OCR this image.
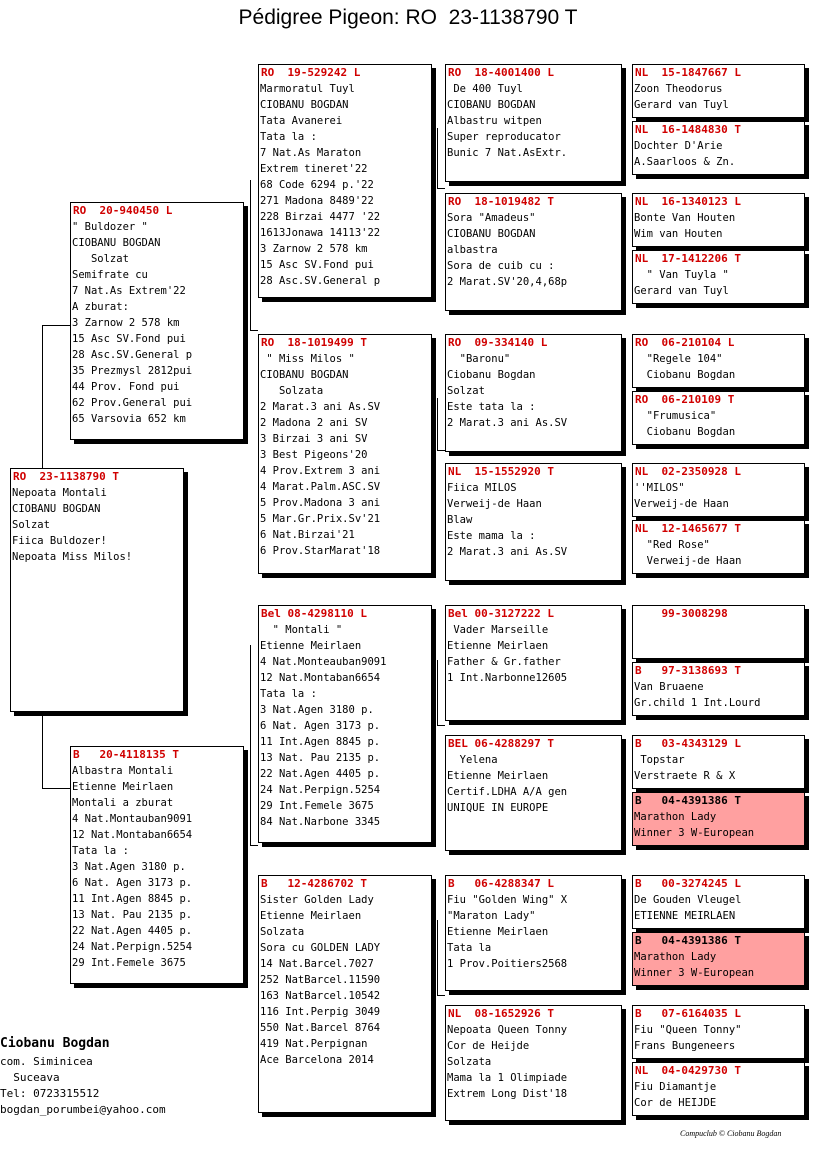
Pédigree Pigeon: RO  23-1138790 T
RO  23-1138790 T
Nepoata Montali
CIOBANU BOGDAN
Solzat
Fiica Buldozer!
Nepoata Miss Milos!
RO  20-940450 L
" Buldozer "
CIOBANU BOGDAN
Solzat
Semifrate cu
7 Nat.As Extrem'22
A zburat:
3 Zarnow 2 578 km
15 Asc SV.Fond pui
28 Asc.SV.General p
35 Prezmysl 2812pui
44 Prov. Fond pui
62 Prov.General pui
65 Varsovia 652 km
B   20-4118135 T
Albastra Montali
Etienne Meirlaen
Montali a zburat
4 Nat.Montauban9091
12 Nat.Montaban6654
Tata la :
3 Nat.Agen 3180 p.
6 Nat. Agen 3173 p.
11 Int.Agen 8845 p.
13 Nat. Pau 2135 p.
22 Nat.Agen 4405 p.
24 Nat.Perpign.5254
29 Int.Femele 3675
RO  19-529242 L
Marmoratul Tuyl
CIOBANU BOGDAN
Tata Avanerei
Tata la :
7 Nat.As Maraton
Extrem tineret'22
68 Code 6294 p.'22
271 Madona 8489'22
228 Birzai 4477 '22
1613Jonawa 14113'22
3 Zarnow 2 578 km
15 Asc SV.Fond pui
28 Asc.SV.General p
RO  18-1019499 T
" Miss Milos "
CIOBANU BOGDAN
Solzata
2 Marat.3 ani As.SV
2 Madona 2 ani SV
3 Birzai 3 ani SV
3 Best Pigeons'20
4 Prov.Extrem 3 ani
4 Marat.Palm.ASC.SV
5 Prov.Madona 3 ani
5 Mar.Gr.Prix.Sv'21
6 Nat.Birzai'21
6 Prov.StarMarat'18
Bel 08-4298110 L
" Montali "
Etienne Meirlaen
4 Nat.Monteauban9091
12 Nat.Montaban6654
Tata la :
3 Nat.Agen 3180 p.
6 Nat. Agen 3173 p.
11 Int.Agen 8845 p.
13 Nat. Pau 2135 p.
22 Nat.Agen 4405 p.
24 Nat.Perpign.5254
29 Int.Femele 3675
84 Nat.Narbone 3345
B   12-4286702 T
Sister Golden Lady
Etienne Meirlaen
Solzata
Sora cu GOLDEN LADY
14 Nat.Barcel.7027
252 NatBarcel.11590
163 NatBarcel.10542
116 Int.Perpig 3049
550 Nat.Barcel 8764
419 Nat.Perpignan
Ace Barcelona 2014
RO  18-4001400 L
De 400 Tuyl
CIOBANU BOGDAN
Albastru witpen
Super reproducator
Bunic 7 Nat.AsExtr.
RO  18-1019482 T
Sora "Amadeus"
CIOBANU BOGDAN
albastra
Sora de cuib cu :
2 Marat.SV'20,4,68p
RO  09-334140 L
"Baronu"
Ciobanu Bogdan
Solzat
Este tata la :
2 Marat.3 ani As.SV
NL  15-1552920 T
Fiica MILOS
Verweij-de Haan
Blaw
Este mama la :
2 Marat.3 ani As.SV
Bel 00-3127222 L
Vader Marseille
Etienne Meirlaen
Father & Gr.father
1 Int.Narbonne12605
BEL 06-4288297 T
Yelena
Etienne Meirlaen
Certif.LDHA A/A gen
UNIQUE IN EUROPE
B   06-4288347 L
Fiu "Golden Wing" X
"Maraton Lady"
Etienne Meirlaen
Tata la
1 Prov.Poitiers2568
NL  08-1652926 T
Nepoata Queen Tonny
Cor de Heijde
Solzata
Mama la 1 Olimpiade
Extrem Long Dist'18
NL  15-1847667 L
Zoon Theodorus
Gerard van Tuyl
NL  16-1484830 T
Dochter D'Arie
A.Saarloos & Zn.
NL  16-1340123 L
Bonte Van Houten
Wim van Houten
NL  17-1412206 T
" Van Tuyla "
Gerard van Tuyl
RO  06-210104 L
"Regele 104"
Ciobanu Bogdan
RO  06-210109 T
"Frumusica"
Ciobanu Bogdan
NL  02-2350928 L
''MILOS"
Verweij-de Haan
NL  12-1465677 T
"Red Rose"
Verweij-de Haan
99-3008298
B   97-3138693 T
Van Bruaene
Gr.child 1 Int.Lourd
B   03-4343129 L
Topstar
Verstraete R & X
B   04-4391386 T
Marathon Lady
Winner 3 W-European
B   00-3274245 L
De Gouden Vleugel
ETIENNE MEIRLAEN
B   04-4391386 T
Marathon Lady
Winner 3 W-European
B   07-6164035 L
Fiu "Queen Tonny"
Frans Bungeneers
NL  04-0429730 T
Fiu Diamantje
Cor de HEIJDE
Ciobanu Bogdan
com. Siminicea
Suceava
Tel: 0723315512
bogdan_porumbei@yahoo.com
Compuclub © Ciobanu Bogdan
